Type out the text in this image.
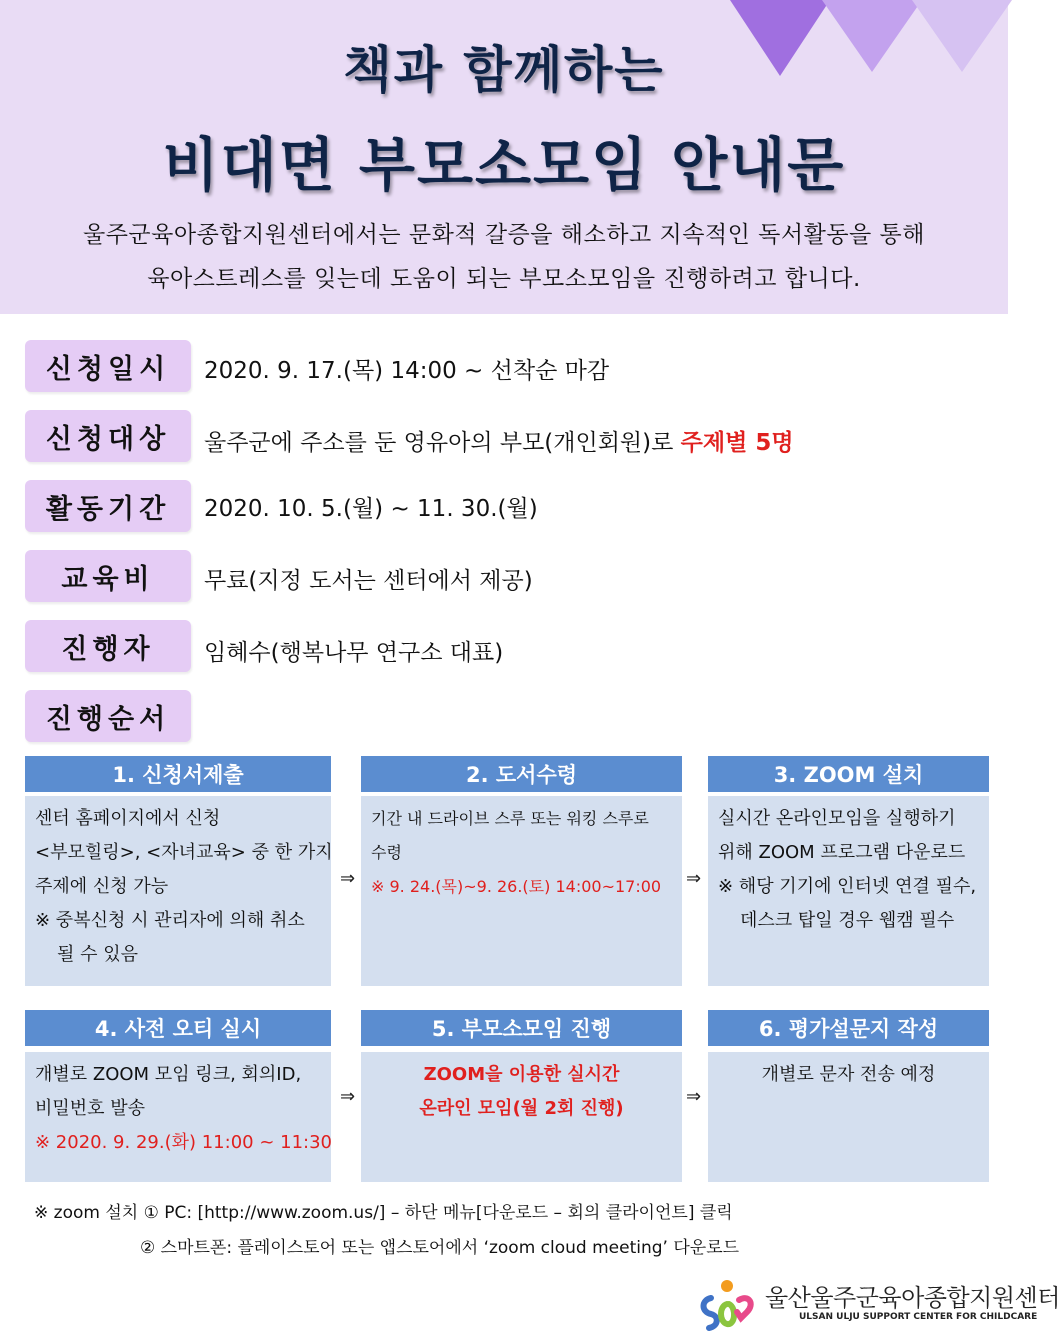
책과 함께하는
비대면 부모소모임 안내문
울주군육아종합지원센터에서는 문화적 갈증을 해소하고 지속적인 독서활동을 통해
육아스트레스를 잊는데 도움이 되는 부모소모임을 진행하려고 합니다.
신청일시	2020. 9. 17.(목) 14:00 ~ 선착순 마감
신청대상	울주군에 주소를 둔 영유아의 부모(개인회원)로 주제별 5명
활동기간	2020. 10. 5.(월) ~ 11. 30.(월)
교육비	무료(지정 도서는 센터에서 제공)
진행자	임혜수(행복나무 연구소 대표)
진행순서
1. 신청서제출
센터 홈페이지에서 신청
<부모힐링>, <자녀교육> 중 한 가지
주제에 신청 가능
※ 중복신청 시 관리자에 의해 취소
될 수 있음
⇒
2. 도서수령
기간 내 드라이브 스루 또는 워킹 스루로
수령
※ 9. 24.(목)~9. 26.(토) 14:00~17:00	⇒
3. ZOOM 설치
실시간 온라인모임을 실행하기
위해 ZOOM 프로그램 다운로드
※ 해당 기기에 인터넷 연결 필수,
데스크 탑일 경우 웹캠 필수
4. 사전 오티 실시
개별로 ZOOM 모임 링크, 회의ID,
비밀번호 발송
※ 2020. 9. 29.(화) 11:00 ~ 11:30
⇒
5. 부모소모임 진행
ZOOM을 이용한 실시간
온라인 모임(월 2회 진행)
⇒
6. 평가설문지 작성
개별로 문자 전송 예정
※ zoom 설치 ① PC: [http://www.zoom.us/] – 하단 메뉴[다운로드 – 회의 클라이언트] 클릭
② 스마트폰: 플레이스토어 또는 앱스토어에서 ‘zoom cloud meeting’ 다운로드
울산울주군육아종합지원센터
ULSAN ULJU SUPPORT CENTER FOR CHILDCARE
